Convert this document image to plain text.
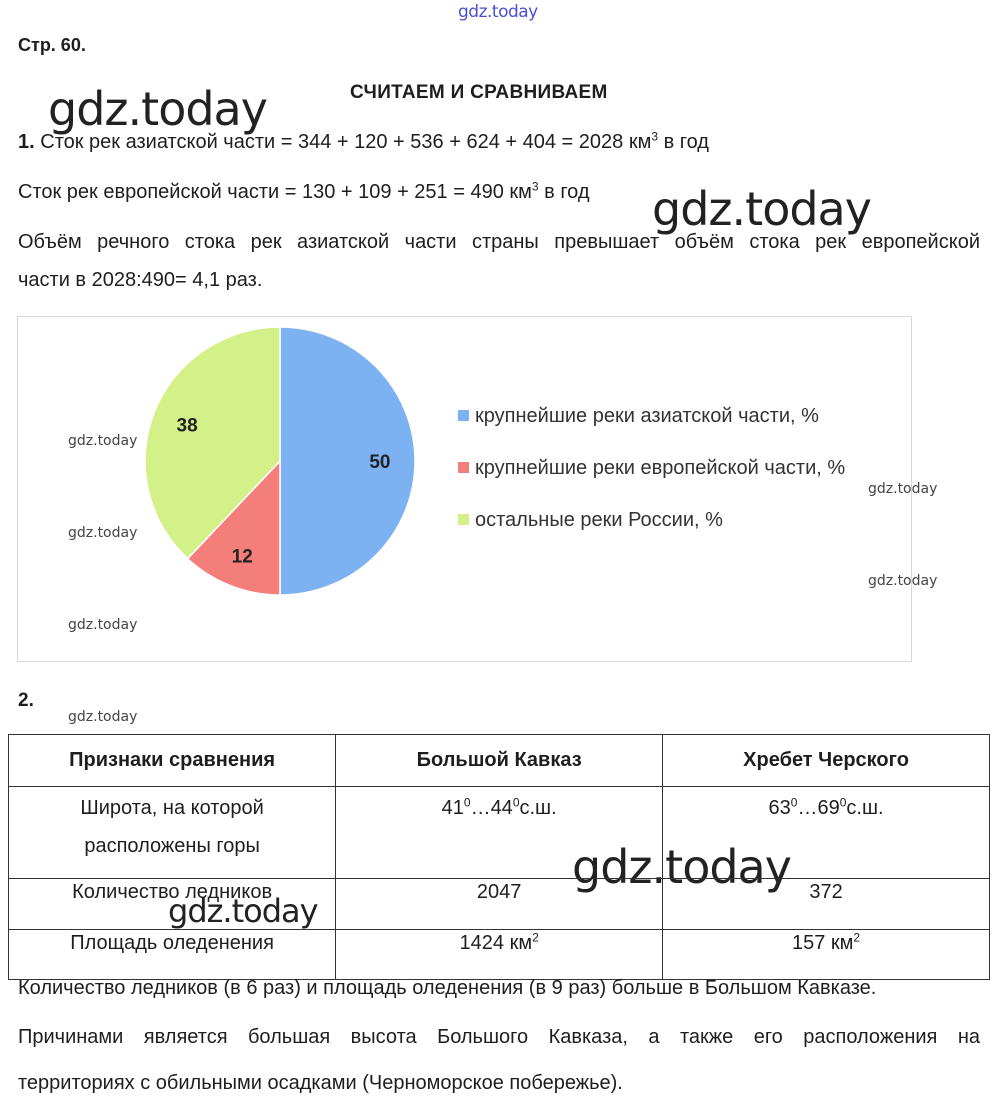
gdz.today
gdz.today
gdz.today
gdz.today
gdz.today
Стр. 60.
СЧИТАЕМ И СРАВНИВАЕМ
1. Сток рек азиатской части = 344 + 120 + 536 + 624 + 404 = 2028 $км^3$ в год
Сток рек европейской части = 130 + 109 + 251 = 490 $км^3$ в год
Объём речного стока рек азиатской части страны превышает объём стока рек европейской
части в 2028:490= 4,1 раз.
50
12
38	крупнейшие реки азиатской части, %
крупнейшие реки европейской части, %
остальные реки России, %
gdz.today
gdz.today
gdz.today
gdz.today
gdz.today
gdz.today
2.
Признаки сравнения	Большой Кавказ	Хребет Черского
Широта, на которой
расположены горы	$41^0\dots 44^0с.ш$.	$63^0\dots 69^0с.ш$.
Количество ледников	2047	372
Площадь оледенения	1424 $км^2$	157 $км^2$
Количество ледников (в 6 раз) и площадь оледенения (в 9 раз) больше в Большом Кавказе.
Причинами является большая высота Большого Кавказа, а также его расположения на
территориях с обильными осадками (Черноморское побережье).
